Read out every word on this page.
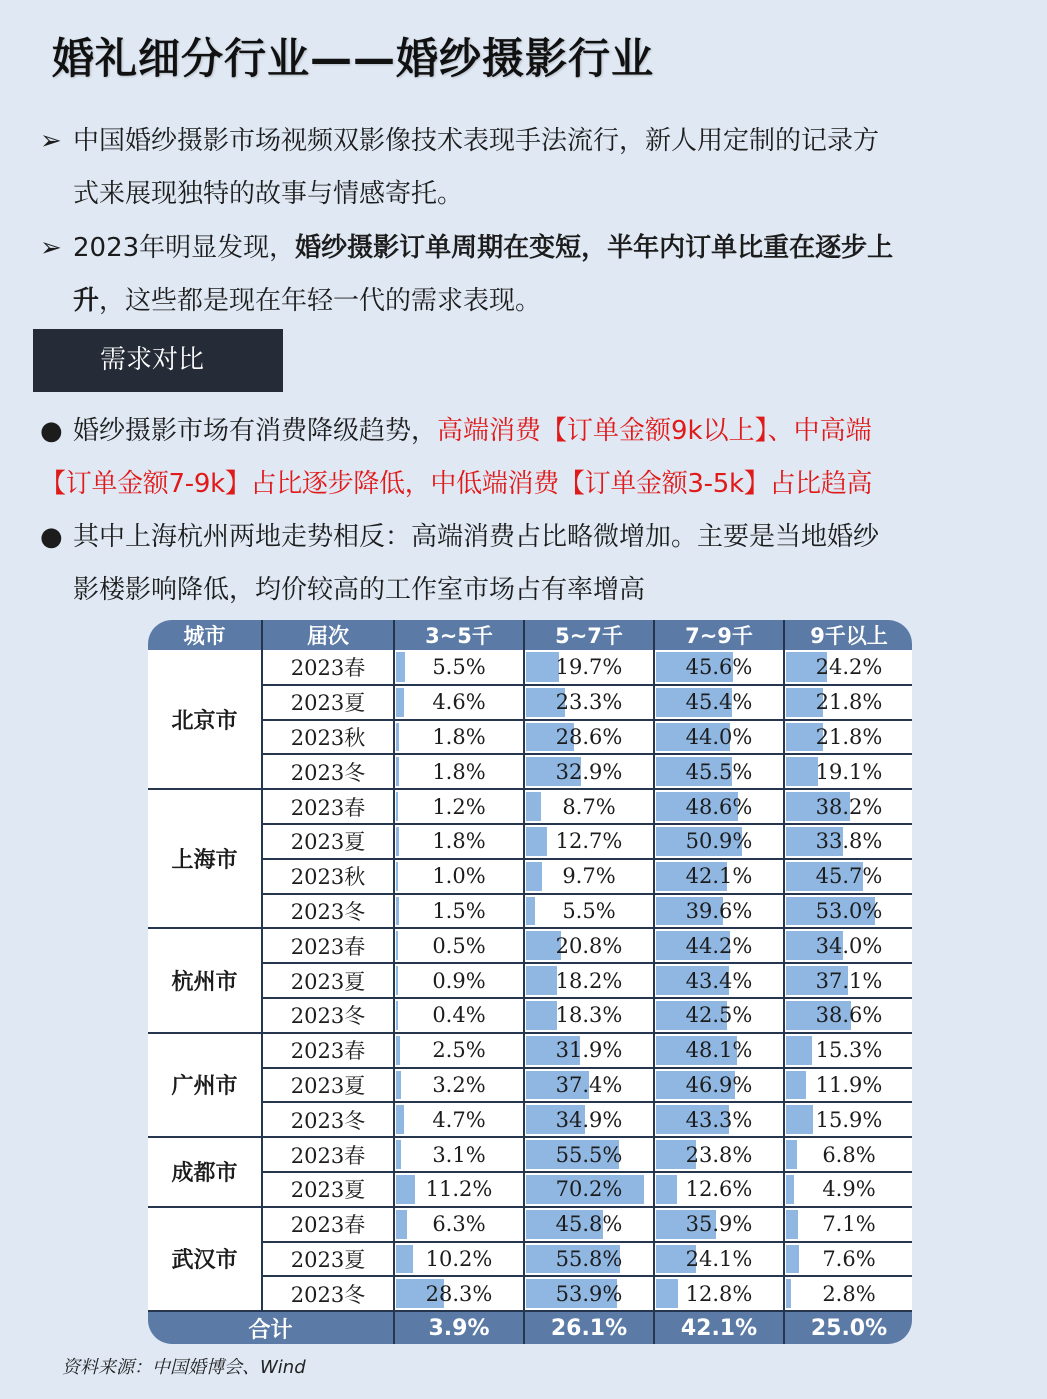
婚礼细分行业——婚纱摄影行业
➢ 中国婚纱摄影市场视频双影像技术表现手法流行，新人用定制的记录方
式来展现独特的故事与情感寄托。
➢ 2023年明显发现，婚纱摄影订单周期在变短，半年内订单比重在逐步上
升，这些都是现在年轻一代的需求表现。
需求对比
● 婚纱摄影市场有消费降级趋势，高端消费【订单金额9k以上】、中高端
【订单金额7-9k】占比逐步降低，中低端消费【订单金额3-5k】占比趋高
● 其中上海杭州两地走势相反：高端消费占比略微增加。主要是当地婚纱
影楼影响降低，均价较高的工作室市场占有率增高
城市	届次	3~5千	5~7千	7~9千	9千以上
北京市	2023春	5.5%	19.7%	45.6%	24.2%
	2023夏	4.6%	23.3%	45.4%	21.8%
	2023秋	1.8%	28.6%	44.0%	21.8%
	2023冬	1.8%	32.9%	45.5%	19.1%
上海市	2023春	1.2%	8.7%	48.6%	38.2%
	2023夏	1.8%	12.7%	50.9%	33.8%
	2023秋	1.0%	9.7%	42.1%	45.7%
	2023冬	1.5%	5.5%	39.6%	53.0%
杭州市	2023春	0.5%	20.8%	44.2%	34.0%
	2023夏	0.9%	18.2%	43.4%	37.1%
	2023冬	0.4%	18.3%	42.5%	38.6%
广州市	2023春	2.5%	31.9%	48.1%	15.3%
	2023夏	3.2%	37.4%	46.9%	11.9%
	2023冬	4.7%	34.9%	43.3%	15.9%
成都市	2023春	3.1%	55.5%	23.8%	6.8%
	2023夏	11.2%	70.2%	12.6%	4.9%
武汉市	2023春	6.3%	45.8%	35.9%	7.1%
	2023夏	10.2%	55.8%	24.1%	7.6%
	2023冬	28.3%	53.9%	12.8%	2.8%
合计		3.9%	26.1%	42.1%	25.0%
资料来源：中国婚博会、Wind
